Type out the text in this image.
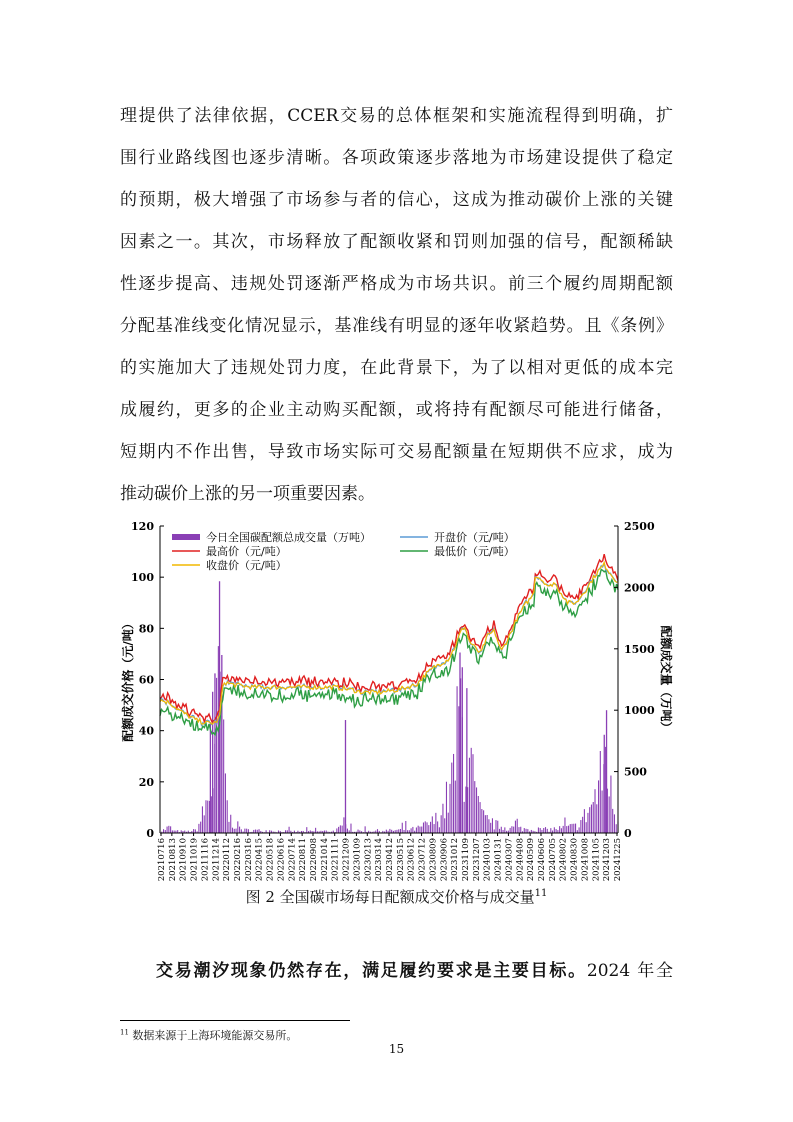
理提供了法律依据，CCER交易的总体框架和实施流程得到明确，扩
围行业路线图也逐步清晰。各项政策逐步落地为市场建设提供了稳定
的预期，极大增强了市场参与者的信心，这成为推动碳价上涨的关键
因素之一。其次，市场释放了配额收紧和罚则加强的信号，配额稀缺
性逐步提高、违规处罚逐渐严格成为市场共识。前三个履约周期配额
分配基准线变化情况显示，基准线有明显的逐年收紧趋势。且《条例》
的实施加大了违规处罚力度，在此背景下，为了以相对更低的成本完
成履约，更多的企业主动购买配额，或将持有配额尽可能进行储备，
短期内不作出售，导致市场实际可交易配额量在短期供不应求，成为
推动碳价上涨的另一项重要因素。
0
20
40
60
80
100
120
0
500
1000
1500
2000
2500
配额成交价格（元/吨）	配额成交量（万吨）
20210716 20210813 20210910 20211019 20211116 20211214 20220112 20220216 20220316 20220415 20220518 20220616 20220714 20220811 20220908 20221014 20221111 20221209 20230109 20230213 20230314 20230412 20230515 20230612 20230712 20230809 20230906 20231012 20231109 20231207 20240103 20240131 20240307 20240408 20240509 20240606 20240705 20240802 20240830 20241008 20241105 20241203 20241225
今日全国碳配额总成交量（万吨）	开盘价（元/吨）
最高价（元/吨）	最低价（元/吨）
收盘价（元/吨）
图 2 全国碳市场每日配额成交价格与成交量$^{11}$
交易潮汐现象仍然存在，满足履约要求是主要目标。2024 年全
$^{11}$ 数据来源于上海环境能源交易所。
15
